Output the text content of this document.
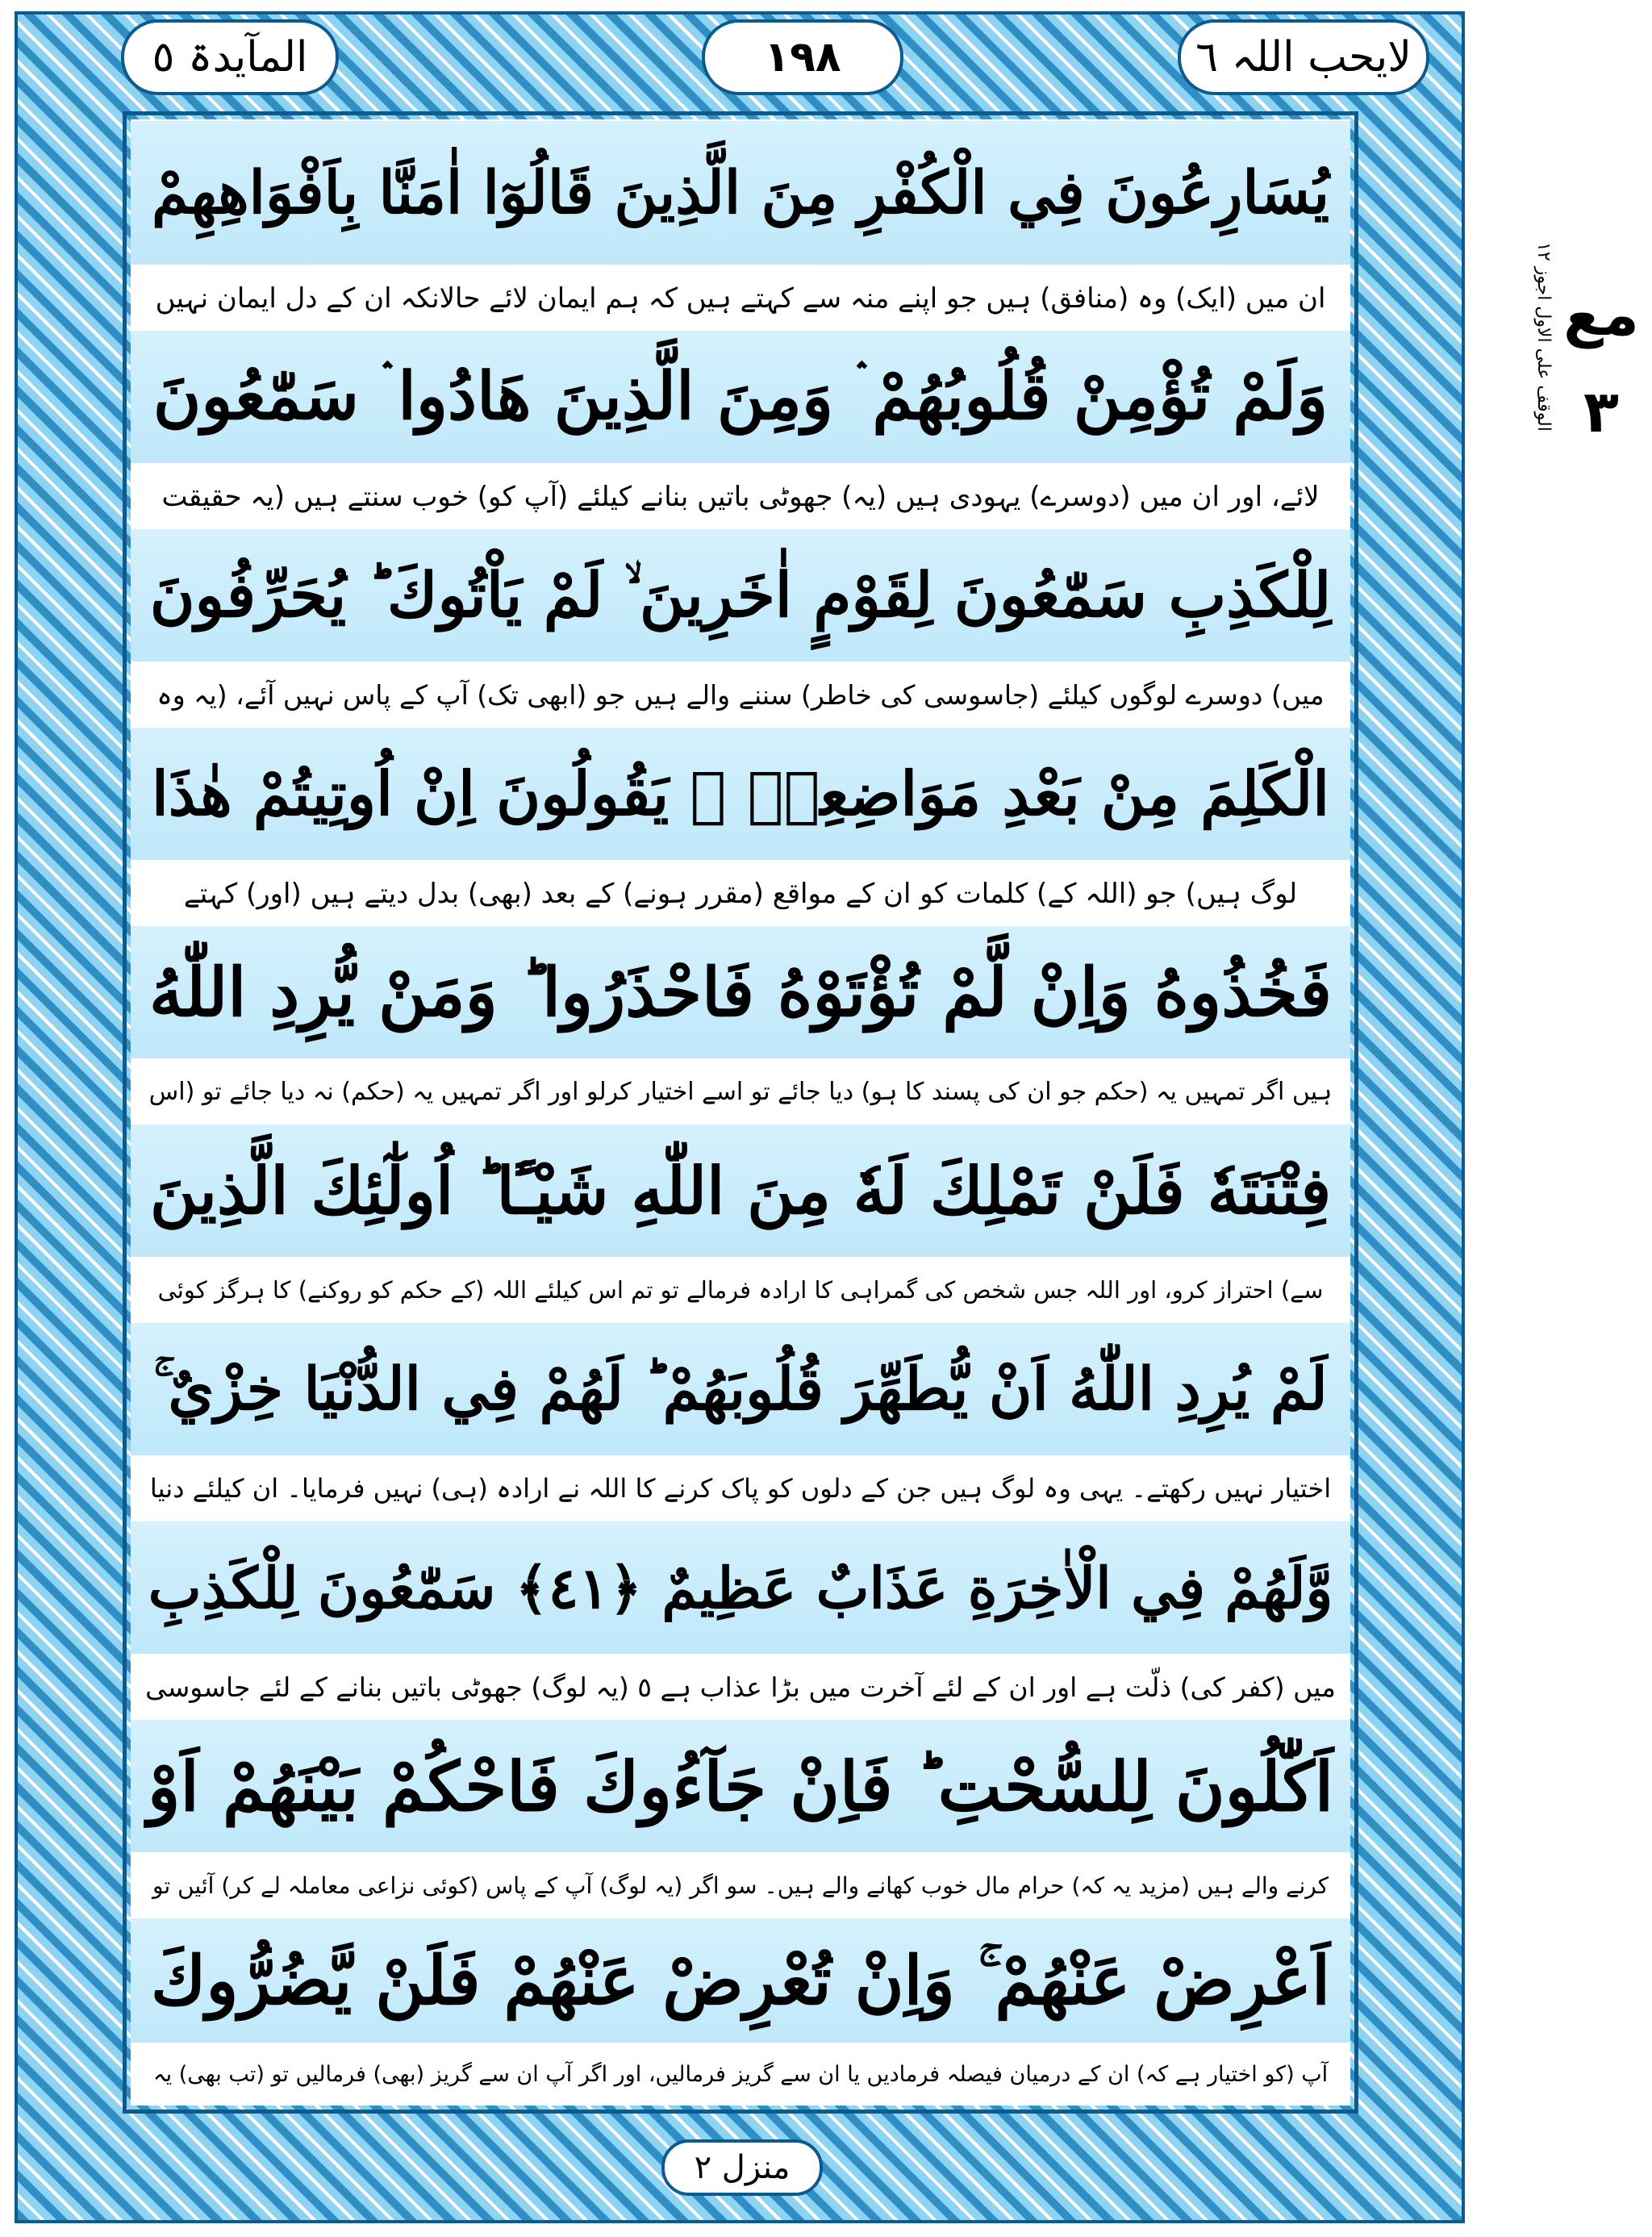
لایحب اللہ ٦
١٩٨
المآیدۃ ٥
يُسَارِعُونَ فِي الْكُفْرِ مِنَ الَّذِينَ قَالُوٓا اٰمَنَّا بِاَفْوَاهِهِمْ
ان میں (ایک) وہ (منافق) ہیں جو اپنے منہ سے کہتے ہیں کہ ہم ایمان لائے حالانکہ ان کے دل ایمان نہیں
وَلَمْ تُؤْمِنْ قُلُوبُهُمْ ۛ وَمِنَ الَّذِينَ هَادُوا ۛ سَمّٰعُونَ
لائے، اور ان میں (دوسرے) یہودی ہیں (یہ) جھوٹی باتیں بنانے کیلئے (آپ کو) خوب سنتے ہیں (یہ حقیقت
لِلْكَذِبِ سَمّٰعُونَ لِقَوْمٍ اٰخَرِينَ ۙ لَمْ يَاْتُوكَ ؕ يُحَرِّفُونَ
میں) دوسرے لوگوں کیلئے (جاسوسی کی خاطر) سننے والے ہیں جو (ابھی تک) آپ کے پاس نہیں آئے، (یہ وہ
الْكَلِمَ مِنْ بَعْدِ مَوَاضِعِهٖ ۚ يَقُولُونَ اِنْ اُوتِيتُمْ هٰذَا
لوگ ہیں) جو (اللہ کے) کلمات کو ان کے مواقع (مقرر ہونے) کے بعد (بھی) بدل دیتے ہیں (اور) کہتے
فَخُذُوهُ وَاِنْ لَّمْ تُؤْتَوْهُ فَاحْذَرُوا ؕ وَمَنْ يُّرِدِ اللّٰهُ
ہیں اگر تمہیں یہ (حکم جو ان کی پسند کا ہو) دیا جائے تو اسے اختیار کرلو اور اگر تمہیں یہ (حکم) نہ دیا جائے تو (اس
فِتْنَتَهٗ فَلَنْ تَمْلِكَ لَهٗ مِنَ اللّٰهِ شَيْـًٔا ؕ اُولٰٓئِكَ الَّذِينَ
سے) احتراز کرو، اور اللہ جس شخص کی گمراہی کا ارادہ فرمالے تو تم اس کیلئے اللہ (کے حکم کو روکنے) کا ہرگز کوئی
لَمْ يُرِدِ اللّٰهُ اَنْ يُّطَهِّرَ قُلُوبَهُمْ ؕ لَهُمْ فِي الدُّنْيَا خِزْيٌ ۚ
اختیار نہیں رکھتے۔ یہی وہ لوگ ہیں جن کے دلوں کو پاک کرنے کا اللہ نے ارادہ (ہی) نہیں فرمایا۔ ان کیلئے دنیا
وَّلَهُمْ فِي الْاٰخِرَةِ عَذَابٌ عَظِيمٌ ﴿٤١﴾ سَمّٰعُونَ لِلْكَذِبِ
میں (کفر کی) ذلّت ہے اور ان کے لئے آخرت میں بڑا عذاب ہے ٥ (یہ لوگ) جھوٹی باتیں بنانے کے لئے جاسوسی
اَكّٰلُونَ لِلسُّحْتِ ؕ فَاِنْ جَآءُوكَ فَاحْكُمْ بَيْنَهُمْ اَوْ
کرنے والے ہیں (مزید یہ کہ) حرام مال خوب کھانے والے ہیں۔ سو اگر (یہ لوگ) آپ کے پاس (کوئی نزاعی معاملہ لے کر) آئیں تو
اَعْرِضْ عَنْهُمْ ۚ وَاِنْ تُعْرِضْ عَنْهُمْ فَلَنْ يَّضُرُّوكَ
آپ (کو اختیار ہے کہ) ان کے درمیان فیصلہ فرمادیں یا ان سے گریز فرمالیں، اور اگر آپ ان سے گریز (بھی) فرمالیں تو (تب بھی) یہ
مع ٣
الوقف علی الاول اجوز ١٢
منزل ٢
